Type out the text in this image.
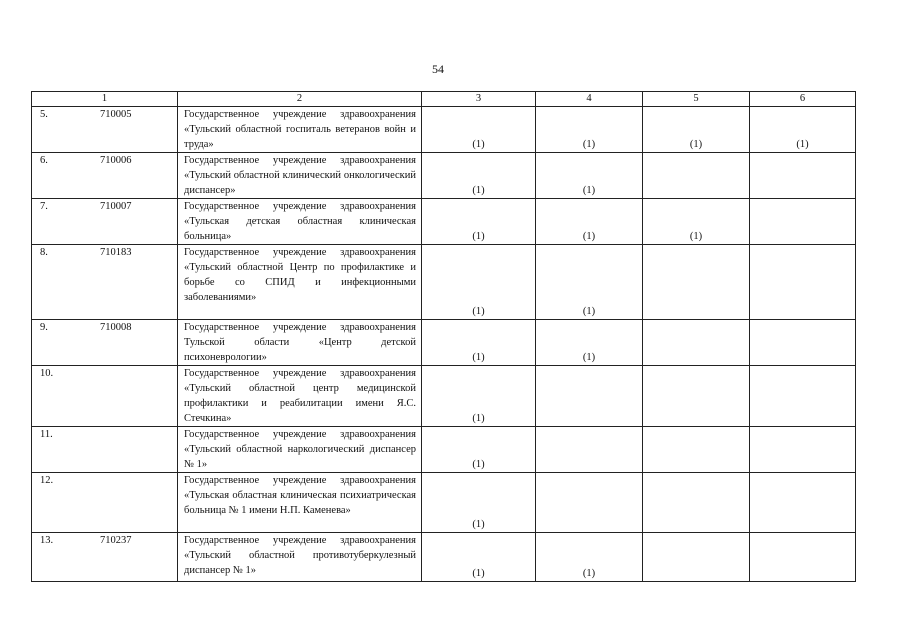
54
1	2	3	4	5	6

5. 710005	Государственное учреждение здравоохранения «Тульский областной госпиталь ветеранов войн и труда»	(1)	(1)	(1)	(1)

6. 710006	Государственное учреждение здравоохранения «Тульский областной клинический онкологический диспансер»	(1)	(1)		

7. 710007	Государственное учреждение здравоохранения «Тульская детская областная клиническая больница»	(1)	(1)	(1)	

8. 710183	Государственное учреждение здравоохранения «Тульский областной Центр по профилактике и борьбе со СПИД и инфекционными заболеваниями»	(1)	(1)		

9. 710008	Государственное учреждение здравоохранения Тульской области «Центр детской психоневрологии»	(1)	(1)		

10.	Государственное учреждение здравоохранения «Тульский областной центр медицинской профилактики и реабилитации имени Я.С. Стечкина»	(1)			

11.	Государственное учреждение здравоохранения «Тульский областной наркологический диспансер № 1»	(1)			

12.	Государственное учреждение здравоохранения «Тульская областная клиническая психиатрическая больница № 1 имени Н.П. Каменева»	(1)			

13. 710237	Государственное учреждение здравоохранения «Тульский областной противотуберкулезный диспансер № 1»	(1)	(1)		
